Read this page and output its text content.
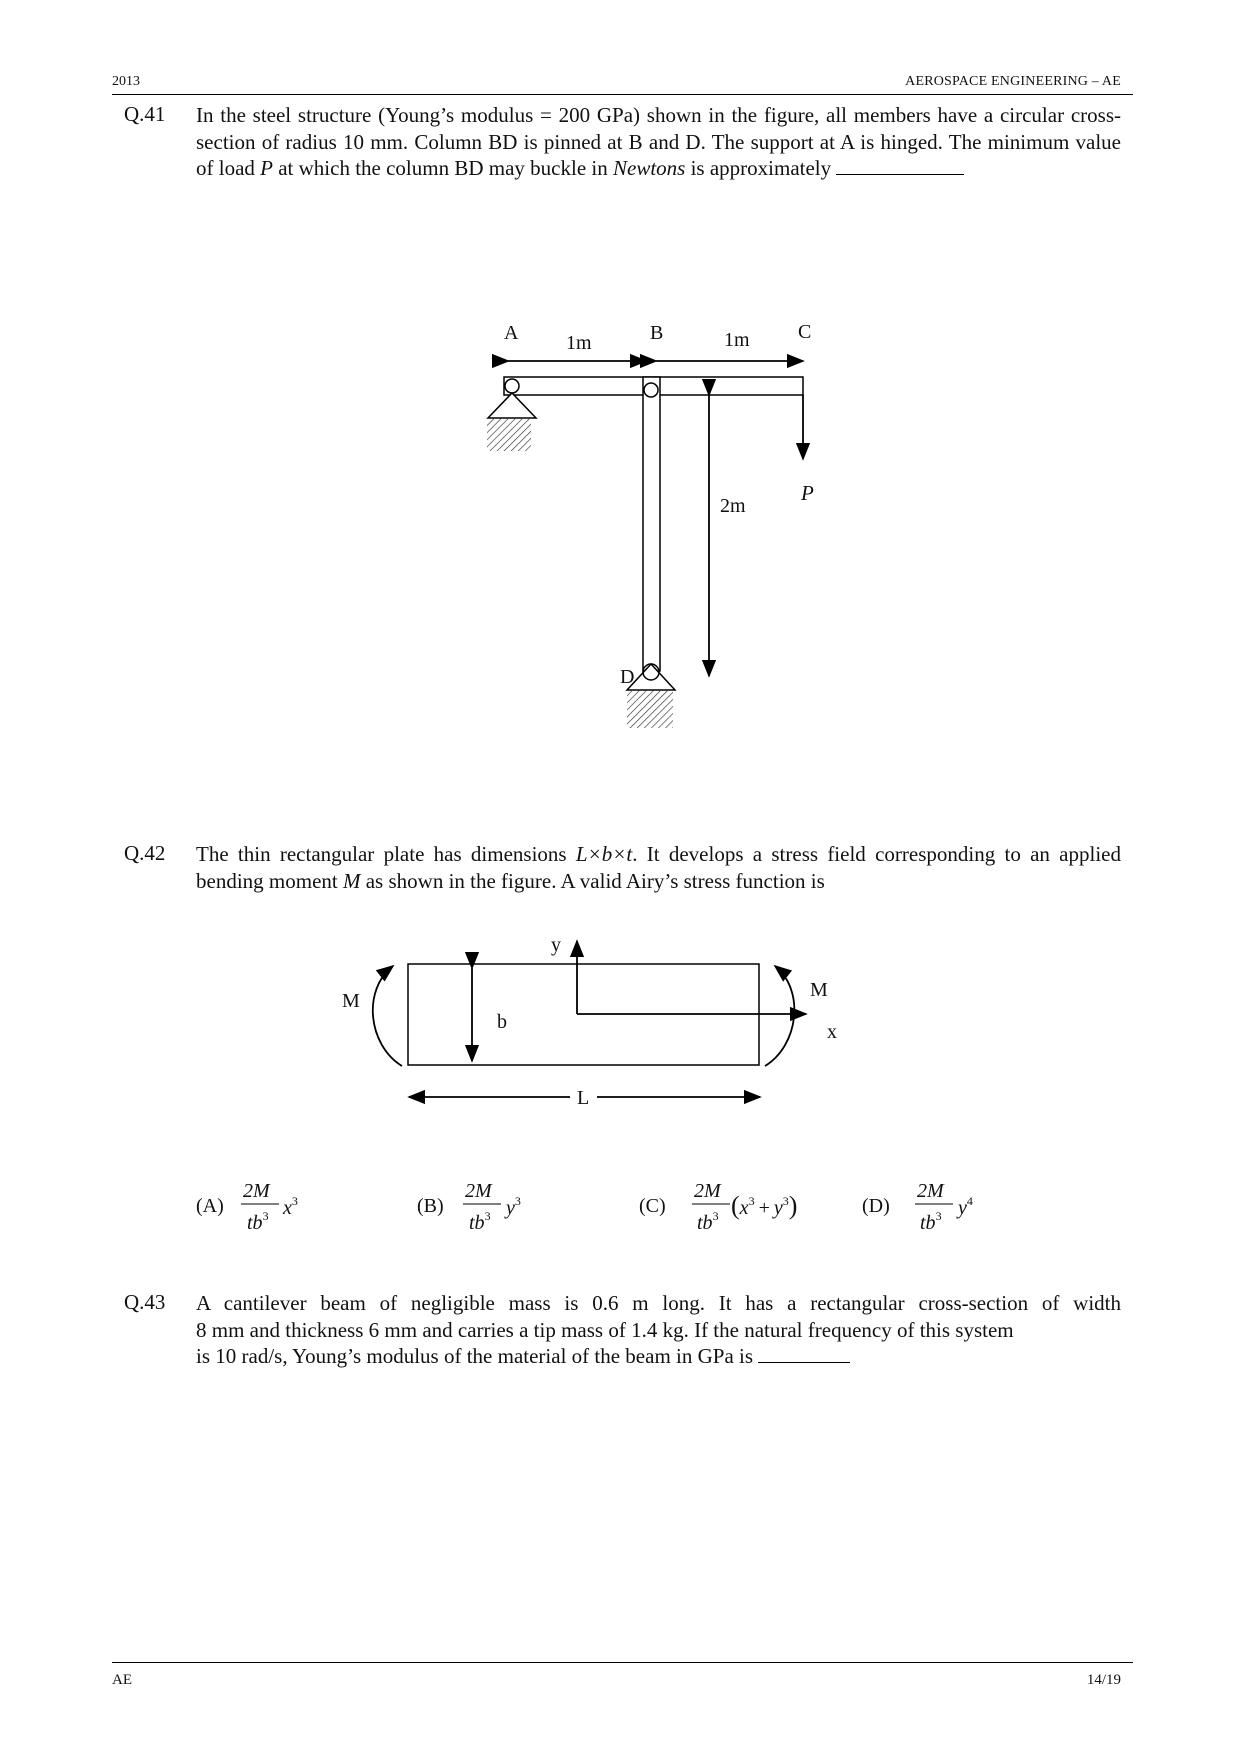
2013	AEROSPACE ENGINEERING – AE
Q.41 In the steel structure (Young’s modulus = 200 GPa) shown in the figure, all members have a circular cross-section of radius 10 mm. Column BD is pinned at B and D. The support at A is hinged. The minimum value of load P at which the column BD may buckle in Newtons is approximately
A	B	C
D
1m	1m
2m
P
Q.42 The thin rectangular plate has dimensions L×b×t. It develops a stress field corresponding to an applied bending moment M as shown in the figure. A valid Airy’s stress function is
M	M
y
x
b
L
(A)
2M
$tb^3$ $x^3$	(B)
2M
$tb^3$ $y^3$	(C)
2M
$tb^3$ $(x^3 + y^3)$	(D)
2M
$tb^3$ $y^4$
Q.43 A cantilever beam of negligible mass is 0.6 m long. It has a rectangular cross-section of width
8 mm and thickness 6 mm and carries a tip mass of 1.4 kg. If the natural frequency of this system
is 10 rad/s, Young’s modulus of the material of the beam in GPa is
AE	14/19
